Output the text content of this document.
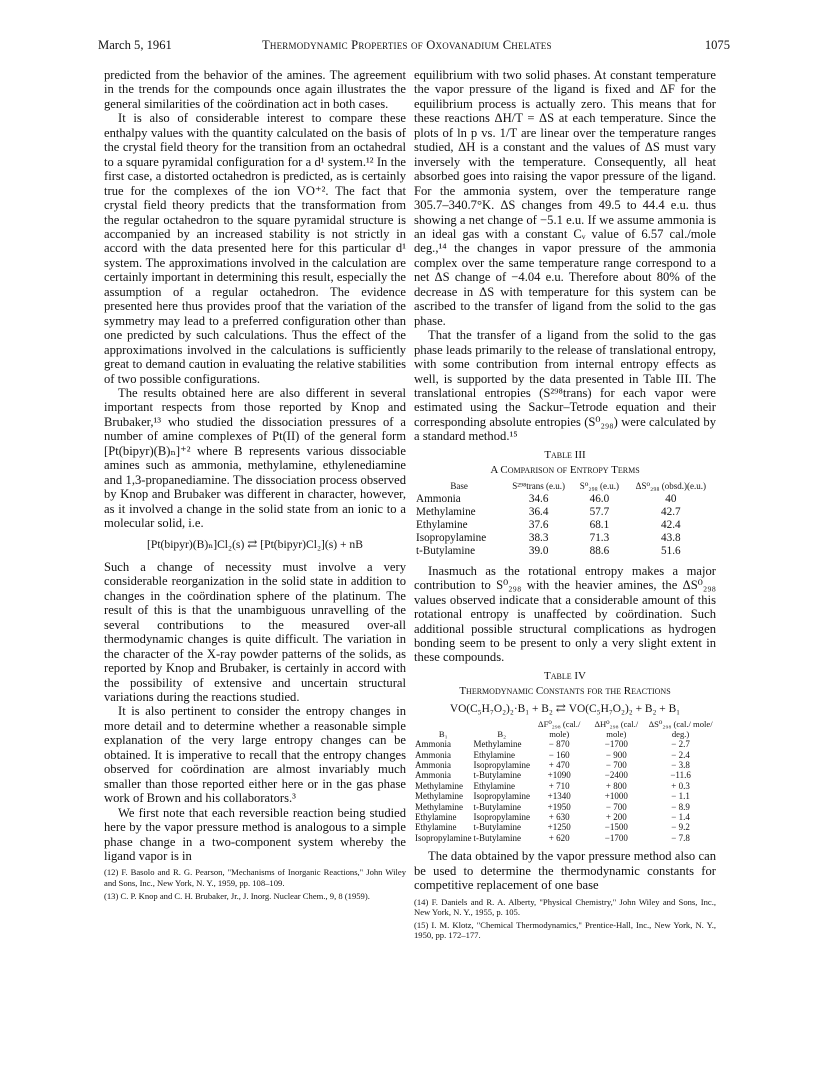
March 5, 1961	Thermodynamic Properties of Oxovanadium Chelates	1075

predicted from the behavior of the amines. The agreement in the trends for the compounds once again illustrates the general similarities of the coördination act in both cases.

It is also of considerable interest to compare these enthalpy values with the quantity calculated on the basis of the crystal field theory for the transition from an octahedral to a square pyramidal configuration for a d¹ system.¹² In the first case, a distorted octahedron is predicted, as is certainly true for the complexes of the ion VO⁺². The fact that crystal field theory predicts that the transformation from the regular octahedron to the square pyramidal structure is accompanied by an increased stability is not strictly in accord with the data presented here for this particular d¹ system. The approximations involved in the calculation are certainly important in determining this result, especially the assumption of a regular octahedron. The evidence presented here thus provides proof that the variation of the symmetry may lead to a preferred configuration other than one predicted by such calculations. Thus the effect of the approximations involved in the calculations is sufficiently great to demand caution in evaluating the relative stabilities of two possible configurations.

The results obtained here are also different in several important respects from those reported by Knop and Brubaker,¹³ who studied the dissociation pressures of a number of amine complexes of Pt(II) of the general form [Pt(bipyr)(B)ₙ]⁺² where B represents various dissociable amines such as ammonia, methylamine, ethylenediamine and 1,3-propanediamine. The dissociation process observed by Knop and Brubaker was different in character, however, as it involved a change in the solid state from an ionic to a molecular solid, i.e.

[Pt(bipyr)(B)ₙ]Cl₂(s) ⇄ [Pt(bipyr)Cl₂](s) + nB

Such a change of necessity must involve a very considerable reorganization in the solid state in addition to changes in the coördination sphere of the platinum. The result of this is that the unambiguous unravelling of the several contributions to the measured over-all thermodynamic changes is quite difficult. The variation in the character of the X-ray powder patterns of the solids, as reported by Knop and Brubaker, is certainly in accord with the possibility of extensive and uncertain structural variations during the reactions studied.

It is also pertinent to consider the entropy changes in more detail and to determine whether a reasonable simple explanation of the very large entropy changes can be obtained. It is imperative to recall that the entropy changes observed for coördination are almost invariably much smaller than those reported either here or in the gas phase work of Brown and his collaborators.³

We first note that each reversible reaction being studied here by the vapor pressure method is analogous to a simple phase change in a two-component system whereby the ligand vapor is in

(12) F. Basolo and R. G. Pearson, "Mechanisms of Inorganic Reactions," John Wiley and Sons, Inc., New York, N. Y., 1959, pp. 108–109.
(13) C. P. Knop and C. H. Brubaker, Jr., J. Inorg. Nuclear Chem., 9, 8 (1959).

equilibrium with two solid phases. At constant temperature the vapor pressure of the ligand is fixed and ΔF for the equilibrium process is actually zero. This means that for these reactions ΔH/T = ΔS at each temperature. Since the plots of ln p vs. 1/T are linear over the temperature ranges studied, ΔH is a constant and the values of ΔS must vary inversely with the temperature. Consequently, all heat absorbed goes into raising the vapor pressure of the ligand. For the ammonia system, over the temperature range 305.7–340.7°K. ΔS changes from 49.5 to 44.4 e.u. thus showing a net change of −5.1 e.u. If we assume ammonia is an ideal gas with a constant Cᵥ value of 6.57 cal./mole deg.,¹⁴ the changes in vapor pressure of the ammonia complex over the same temperature range correspond to a net ΔS change of −4.04 e.u. Therefore about 80% of the decrease in ΔS with temperature for this system can be ascribed to the transfer of ligand from the solid to the gas phase.

That the transfer of a ligand from the solid to the gas phase leads primarily to the release of translational entropy, with some contribution from internal entropy effects as well, is supported by the data presented in Table III. The translational entropies (S²⁹⁸trans) for each vapor were estimated using the Sackur–Tetrode equation and their corresponding absolute entropies (S⁰₂₉₈) were calculated by a standard method.¹⁵

Table III
A Comparison of Entropy Terms
Base	S²⁹⁸trans (e.u.)	S⁰₂₉₈ (e.u.)	ΔS⁰₂₉₈ (obsd.)(e.u.)
Ammonia	34.6	46.0	40
Methylamine	36.4	57.7	42.7
Ethylamine	37.6	68.1	42.4
Isopropylamine	38.3	71.3	43.8
t-Butylamine	39.0	88.6	51.6

Inasmuch as the rotational entropy makes a major contribution to S⁰₂₉₈ with the heavier amines, the ΔS⁰₂₉₈ values observed indicate that a considerable amount of this rotational entropy is unaffected by coördination. Such additional possible structural complications as hydrogen bonding seem to be present to only a very slight extent in these compounds.

Table IV
Thermodynamic Constants for the Reactions
VO(C₅H₇O₂)₂·B₁ + B₂ ⇄ VO(C₅H₇O₂)₂ + B₂ + B₁
B₁	B₂	ΔF⁰₂₉₈ (cal./ mole)	ΔH⁰₂₉₈ (cal./ mole)	ΔS⁰₂₉₈ (cal./ mole/ deg.)
Ammonia	Methylamine	− 870	−1700	− 2.7
Ammonia	Ethylamine	− 160	− 900	− 2.4
Ammonia	Isopropylamine	+ 470	− 700	− 3.8
Ammonia	t-Butylamine	+1090	−2400	−11.6
Methylamine	Ethylamine	+ 710	+ 800	+ 0.3
Methylamine	Isopropylamine	+1340	+1000	− 1.1
Methylamine	t-Butylamine	+1950	− 700	− 8.9
Ethylamine	Isopropylamine	+ 630	+ 200	− 1.4
Ethylamine	t-Butylamine	+1250	−1500	− 9.2
Isopropylamine	t-Butylamine	+ 620	−1700	− 7.8

The data obtained by the vapor pressure method also can be used to determine the thermodynamic constants for competitive replacement of one base

(14) F. Daniels and R. A. Alberty, "Physical Chemistry," John Wiley and Sons, Inc., New York, N. Y., 1955, p. 105.
(15) I. M. Klotz, "Chemical Thermodynamics," Prentice-Hall, Inc., New York, N. Y., 1950, pp. 172–177.
